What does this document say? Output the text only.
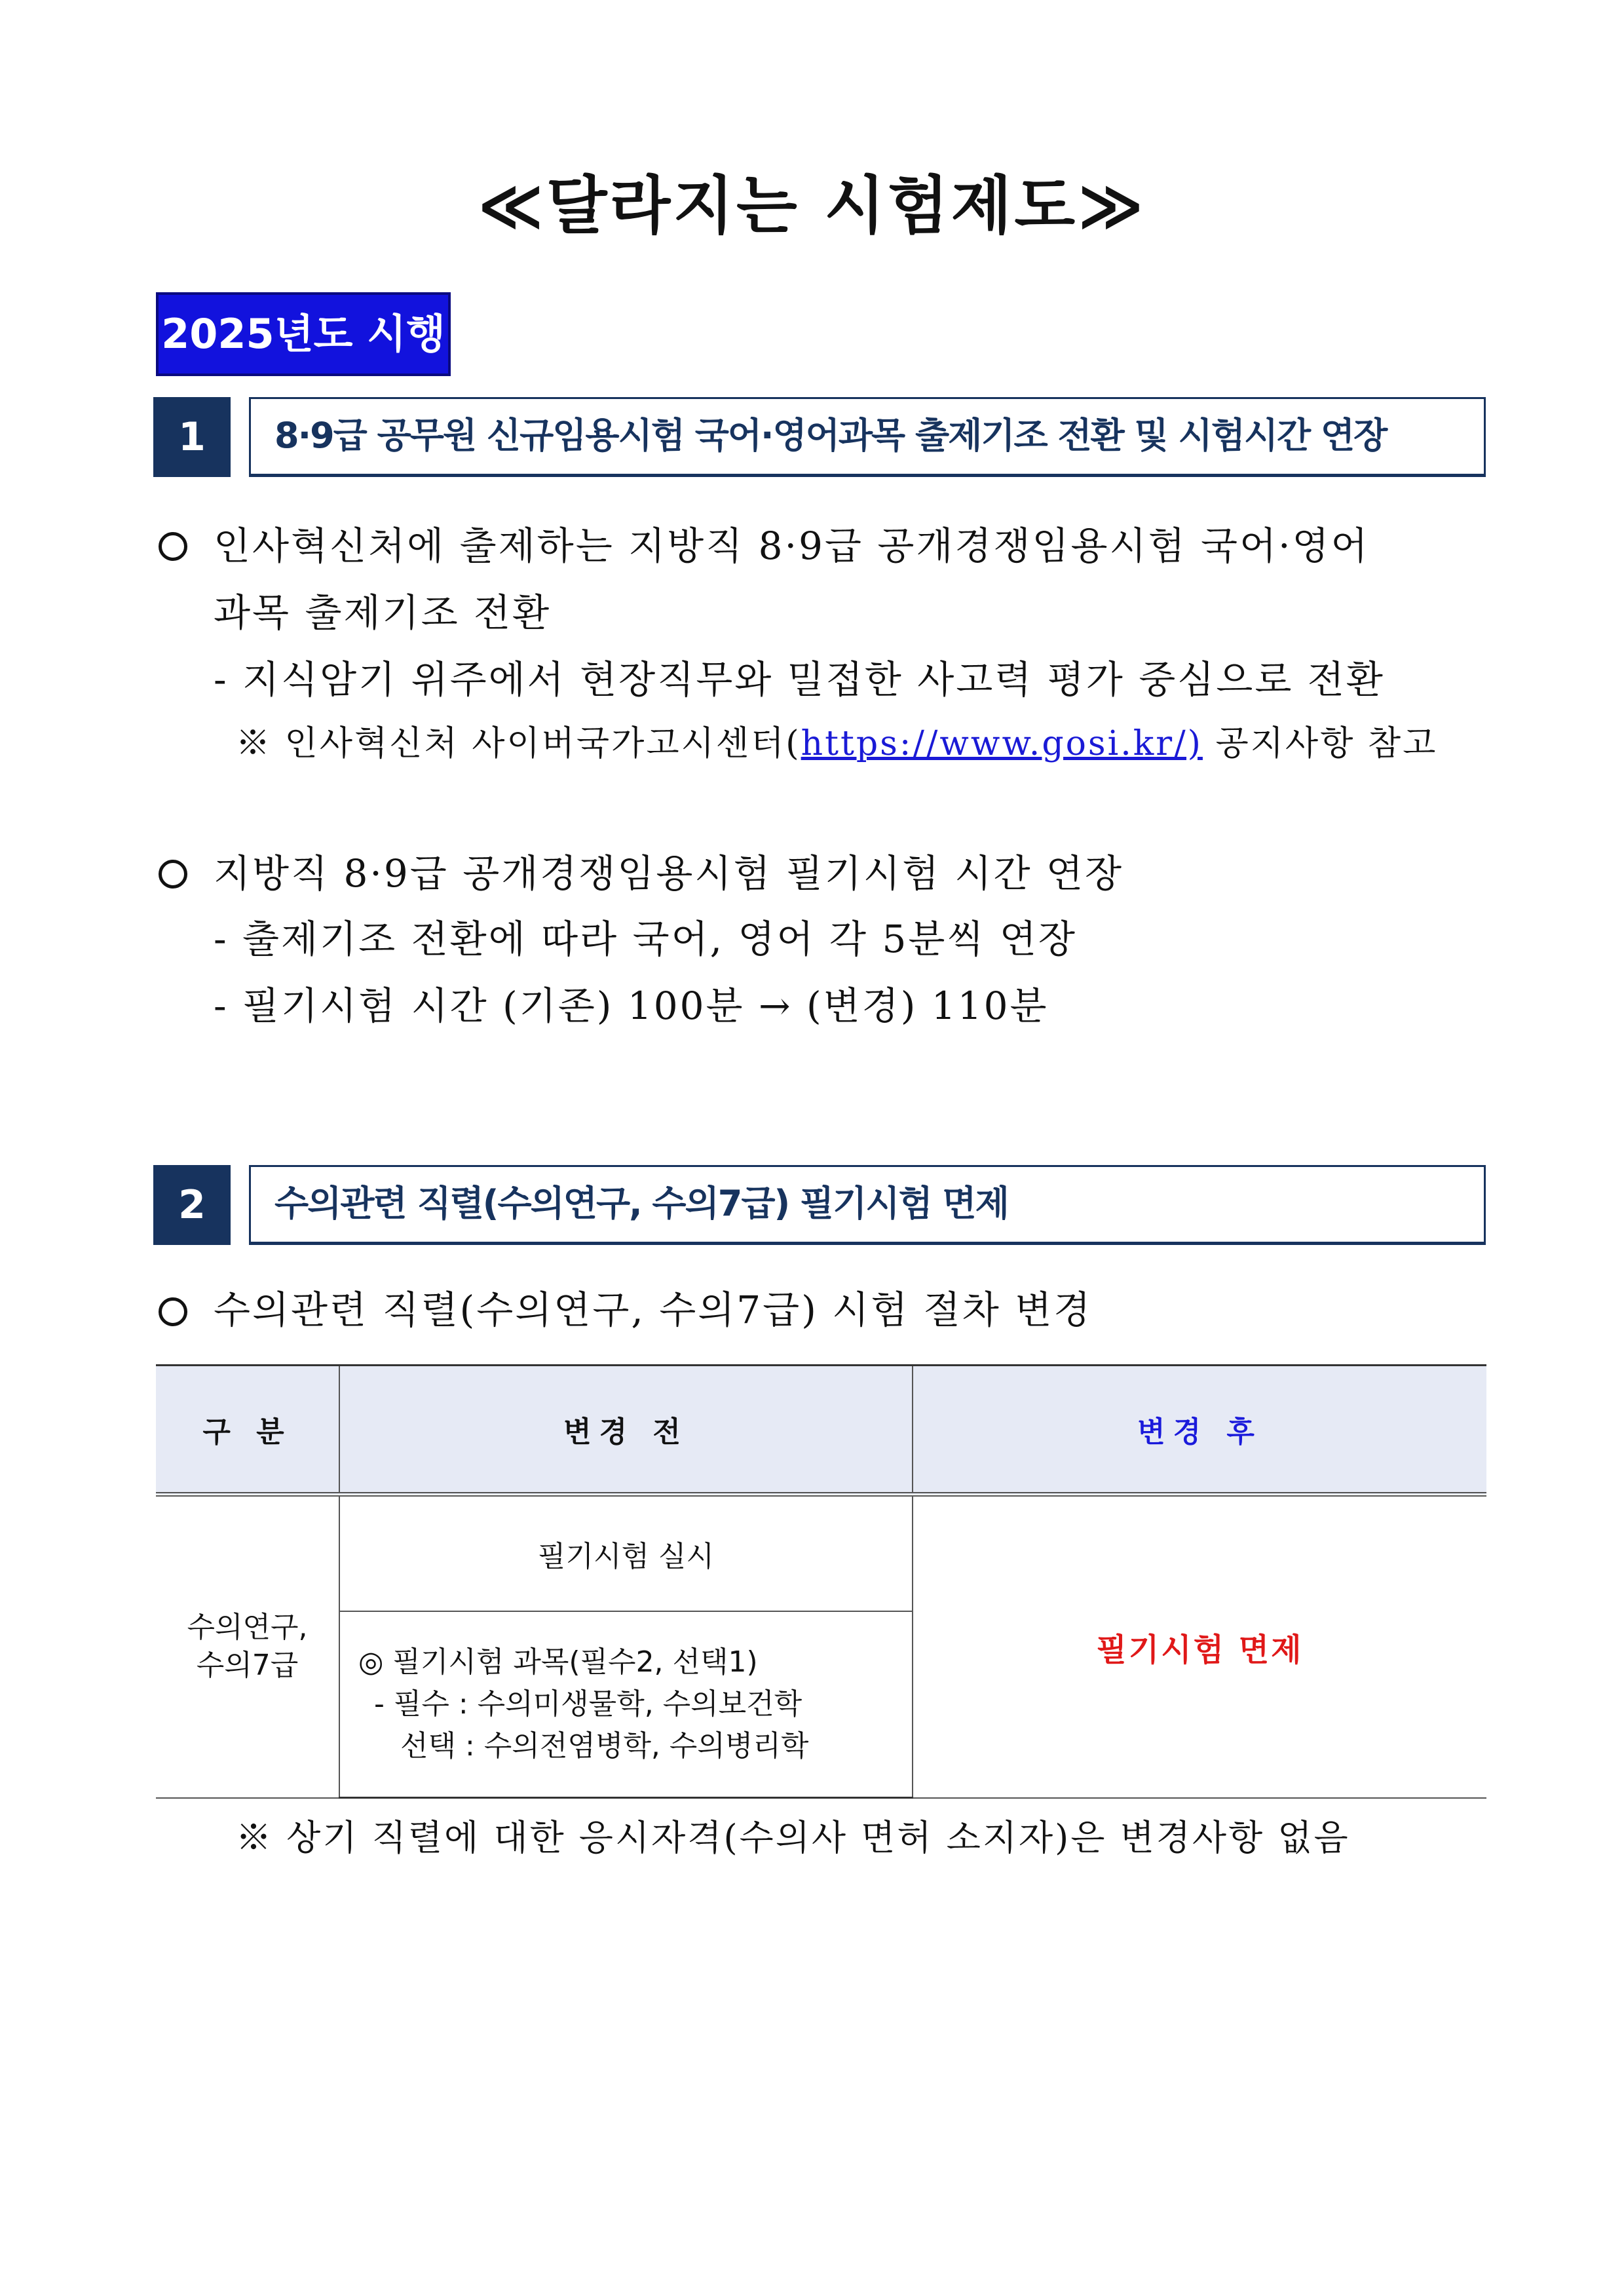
≪달라지는 시험제도≫
2025년도 시행
1	8·9급 공무원 신규임용시험 국어·영어과목 출제기조 전환 및 시험시간 연장
인사혁신처에 출제하는 지방직 8·9급 공개경쟁임용시험 국어·영어
과목 출제기조 전환
- 지식암기 위주에서 현장직무와 밀접한 사고력 평가 중심으로 전환
※ 인사혁신처 사이버국가고시센터(https://www.gosi.kr/) 공지사항 참고
지방직 8·9급 공개경쟁임용시험 필기시험 시간 연장
- 출제기조 전환에 따라 국어, 영어 각 5분씩 연장
- 필기시험 시간 (기존) 100분 → (변경) 110분
2	수의관련 직렬(수의연구, 수의7급) 필기시험 면제
수의관련 직렬(수의연구, 수의7급) 시험 절차 변경
구 분	변경 전	변경 후
수의연구,
수의7급	필기시험 실시	필기시험 면제

	◎ 필기시험 과목(필수2, 선택1)
- 필수 : 수의미생물학, 수의보건학
선택 : 수의전염병학, 수의병리학	
※ 상기 직렬에 대한 응시자격(수의사 면허 소지자)은 변경사항 없음
